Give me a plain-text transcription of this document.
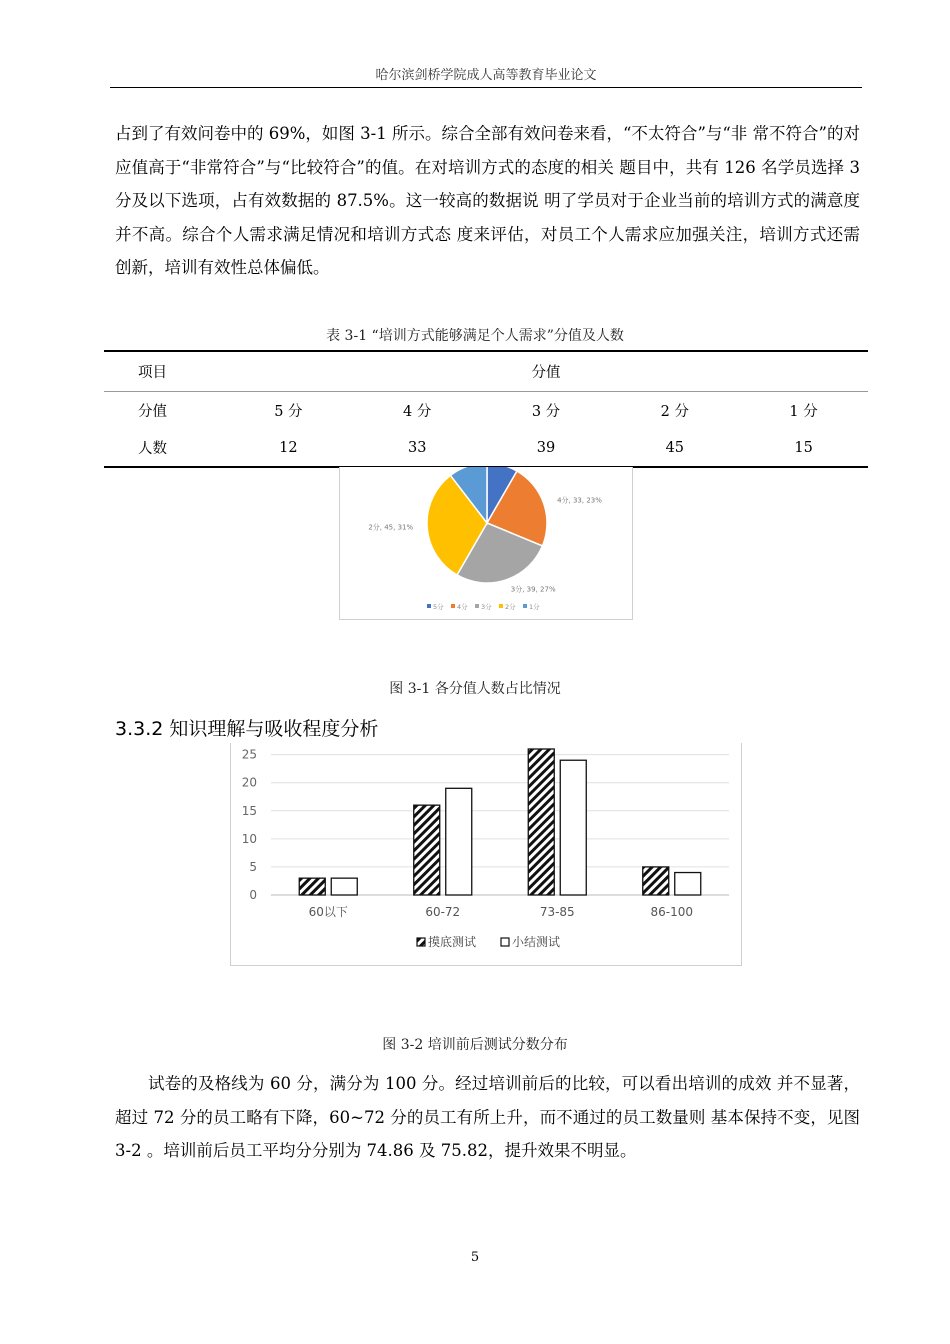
哈尔滨剑桥学院成人高等教育毕业论文

占到了有效问卷中的 69%，如图 3-1 所示。综合全部有效问卷来看，“不太符合”与“非 常不符合”的对应值高于“非常符合”与“比较符合”的值。在对培训方式的态度的相关 题目中，共有 126 名学员选择 3 分及以下选项，占有效数据的 87.5%。这一较高的数据说 明了学员对于企业当前的培训方式的满意度并不高。综合个人需求满足情况和培训方式态 度来评估，对员工个人需求应加强关注，培训方式还需创新，培训有效性总体偏低。

表 3-1 “培训方式能够满足个人需求”分值及人数
项目	分值				
分值	5 分	4 分	3 分	2 分	1 分
人数	12	33	39	45	15
4分, 33, 23%
3分, 39, 27%
2分, 45, 31%
5分 4分 3分 2分 1分
图 3-1 各分值人数占比情况
3.3.2 知识理解与吸收程度分析
0
5
10
15
20
25
60以下	60-72	73-85	86-100
摸底测试	小结测试
图 3-2 培训前后测试分数分布

试卷的及格线为 60 分，满分为 100 分。经过培训前后的比较，可以看出培训的成效 并不显著，超过 72 分的员工略有下降，60~72 分的员工有所上升，而不通过的员工数量则 基本保持不变，见图 3-2 。培训前后员工平均分分别为 74.86 及 75.82，提升效果不明显。

5
